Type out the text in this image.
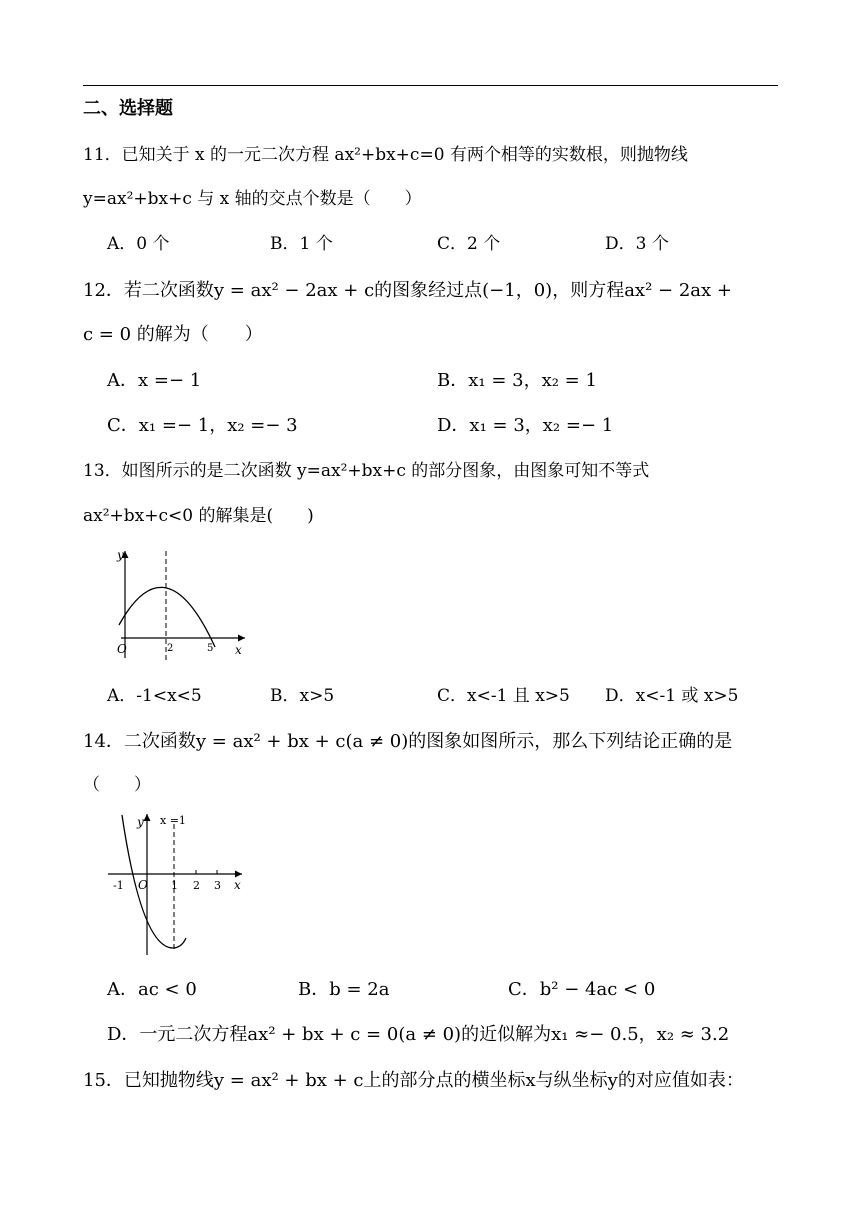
二、选择题
11．已知关于 x 的一元二次方程 ax²+bx+c=0 有两个相等的实数根，则抛物线
y=ax²+bx+c 与 x 轴的交点个数是（　　）
A．0 个	B．1 个	C．2 个	D．3 个
12．若二次函数y = ax² − 2ax + c的图象经过点(−1，0)，则方程ax² − 2ax +
c = 0 的解为（　　）
A．x =− 1	B．x₁ = 3，x₂ = 1
C．x₁ =− 1，x₂ =− 3	D．x₁ = 3，x₂ =− 1
13．如图所示的是二次函数 y=ax²+bx+c 的部分图象，由图象可知不等式
ax²+bx+c<0 的解集是(　　)
y
x
O	2	5
A．-1<x<5	B．x>5	C．x<-1 且 x>5 D．x<-1 或 x>5
14．二次函数y = ax² + bx + c(a ≠ 0)的图象如图所示，那么下列结论正确的是
（　　）
y x =1
x
O
-1	1 2 3
A．ac < 0	B．b = 2a	C．b² − 4ac < 0
D．一元二次方程ax² + bx + c = 0(a ≠ 0)的近似解为x₁ ≈− 0.5，x₂ ≈ 3.2
15．已知抛物线y = ax² + bx + c上的部分点的横坐标x与纵坐标y的对应值如表：
